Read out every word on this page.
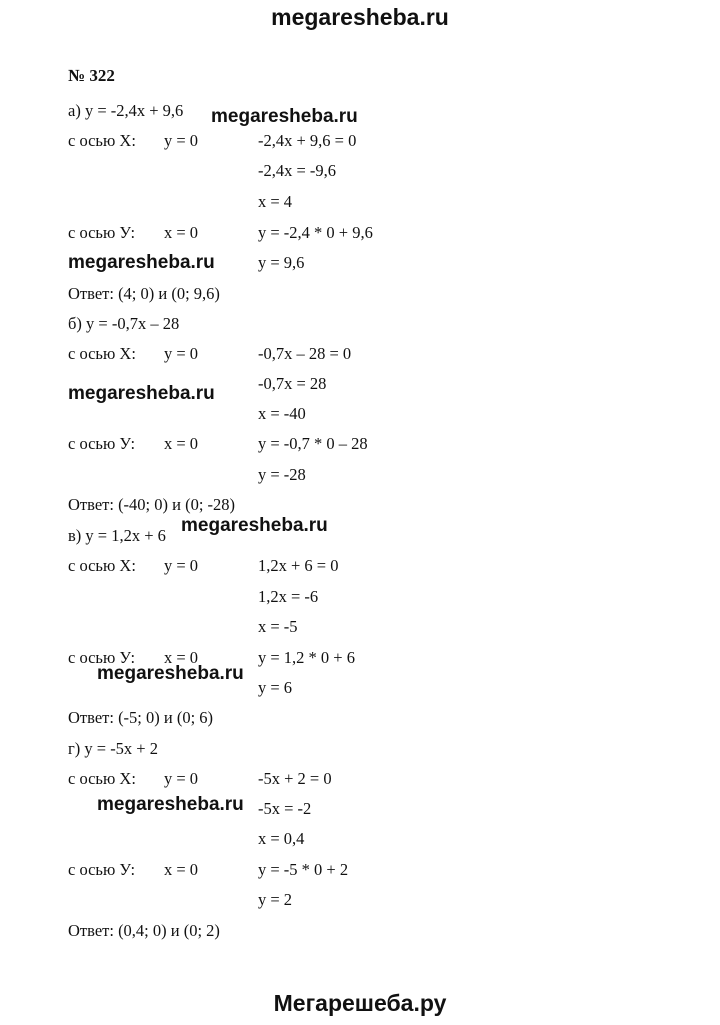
megaresheba.ru
№ 322
а) y = -2,4x + 9,6
с осью Х: y = 0	-2,4x + 9,6 = 0
-2,4x = -9,6
x = 4
с осью У: x = 0	y = -2,4 * 0 + 9,6
y = 9,6
Ответ: (4; 0) и (0; 9,6)
б) y = -0,7x – 28
с осью Х: y = 0	-0,7x – 28 = 0
-0,7x = 28
x = -40
с осью У: x = 0	y = -0,7 * 0 – 28
y = -28
Ответ: (-40; 0) и (0; -28)
в) y = 1,2x + 6
с осью Х: y = 0	1,2x + 6 = 0
1,2x = -6
x = -5
с осью У: x = 0	y = 1,2 * 0 + 6
y = 6
Ответ: (-5; 0) и (0; 6)
г) y = -5x + 2
с осью Х: y = 0	-5x + 2 = 0
-5x = -2
x = 0,4
с осью У: x = 0	y = -5 * 0 + 2
y = 2
Ответ: (0,4; 0) и (0; 2)
megaresheba.ru
megaresheba.ru
megaresheba.ru
megaresheba.ru
megaresheba.ru
megaresheba.ru
Мегарешеба.ру
